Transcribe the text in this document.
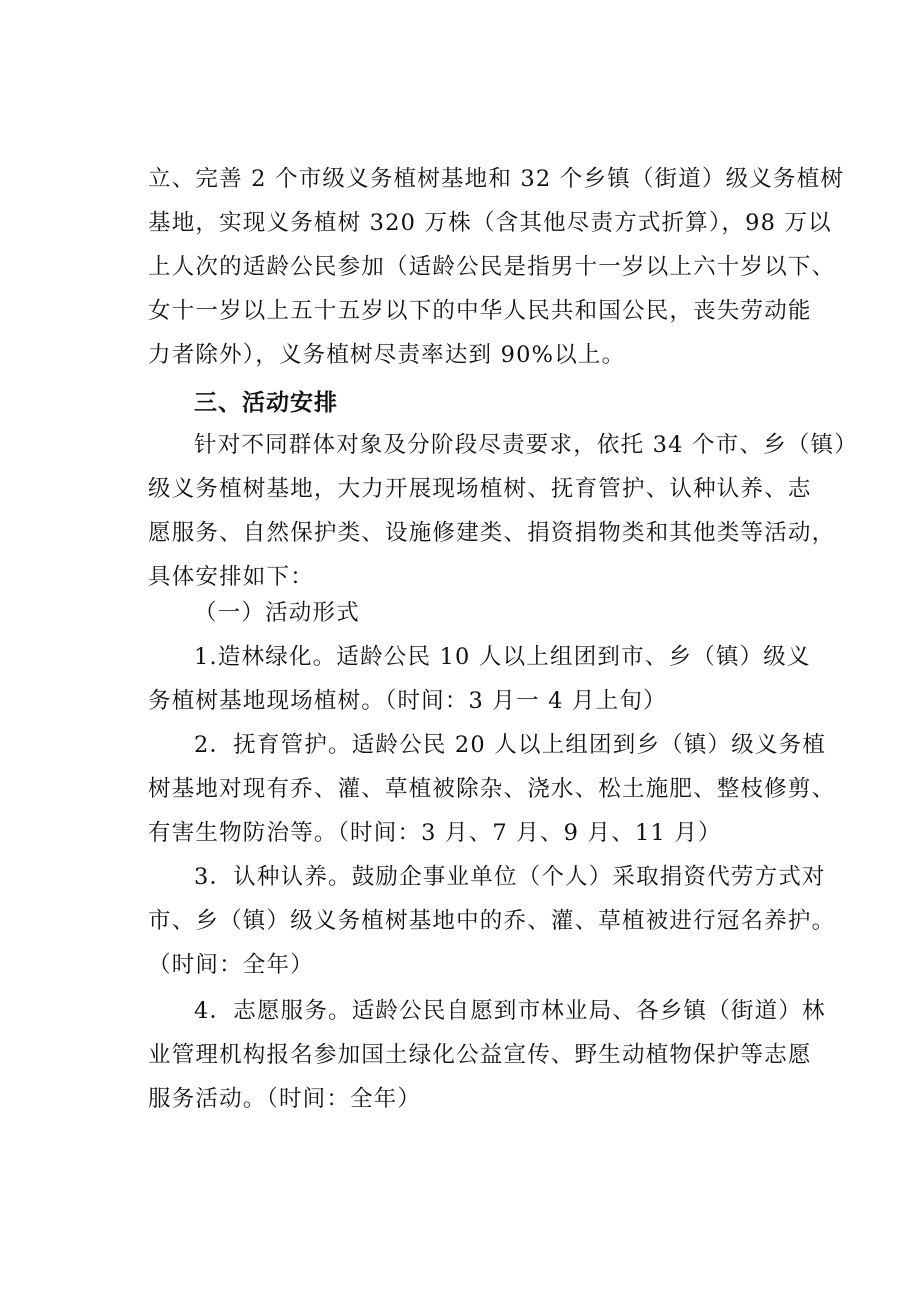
立、完善 2 个市级义务植树基地和 32 个乡镇（街道）级义务植树
基地，实现义务植树 320 万株（含其他尽责方式折算），98 万以
上人次的适龄公民参加（适龄公民是指男十一岁以上六十岁以下、
女十一岁以上五十五岁以下的中华人民共和国公民，丧失劳动能
力者除外），义务植树尽责率达到 90%以上。
三、活动安排
针对不同群体对象及分阶段尽责要求，依托 34 个市、乡（镇）
级义务植树基地，大力开展现场植树、抚育管护、认种认养、志
愿服务、自然保护类、设施修建类、捐资捐物类和其他类等活动，
具体安排如下：
（一）活动形式
1.造林绿化。适龄公民 10 人以上组团到市、乡（镇）级义
务植树基地现场植树。（时间：3 月一 4 月上旬）
2．抚育管护。适龄公民 20 人以上组团到乡（镇）级义务植
树基地对现有乔、灌、草植被除杂、浇水、松土施肥、整枝修剪、
有害生物防治等。（时间：3 月、7 月、9 月、11 月）
3．认种认养。鼓励企事业单位（个人）采取捐资代劳方式对
市、乡（镇）级义务植树基地中的乔、灌、草植被进行冠名养护。
（时间：全年）
4．志愿服务。适龄公民自愿到市林业局、各乡镇（街道）林
业管理机构报名参加国土绿化公益宣传、野生动植物保护等志愿
服务活动。（时间：全年）
